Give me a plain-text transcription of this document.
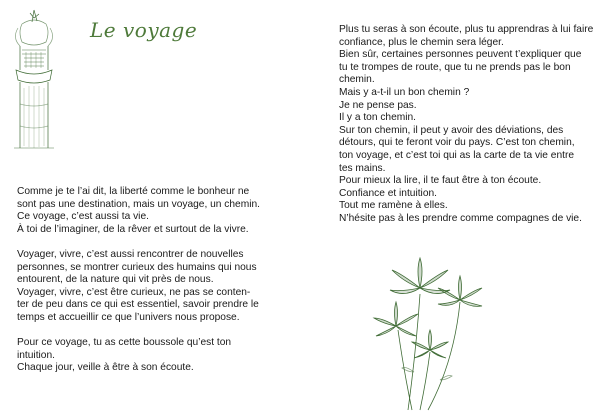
Le voyage

Comme je te l’ai dit, la liberté comme le bonheur ne

sont pas une destination, mais un voyage, un chemin.

Ce voyage, c’est aussi ta vie.

À toi de l’imaginer, de la rêver et surtout de la vivre.

Voyager, vivre, c’est aussi rencontrer de nouvelles

personnes, se montrer curieux des humains qui nous

entourent, de la nature qui vit près de nous.

Voyager, vivre, c’est être curieux, ne pas se conten-

ter de peu dans ce qui est essentiel, savoir prendre le

temps et accueillir ce que l’univers nous propose.

Pour ce voyage, tu as cette boussole qu’est ton

intuition.

Chaque jour, veille à être à son écoute.

Plus tu seras à son écoute, plus tu apprendras à lui faire

confiance, plus le chemin sera léger.

Bien sûr, certaines personnes peuvent t’expliquer que

tu te trompes de route, que tu ne prends pas le bon

chemin.

Mais y a-t-il un bon chemin ?

Je ne pense pas.

Il y a ton chemin.

Sur ton chemin, il peut y avoir des déviations, des

détours, qui te feront voir du pays. C’est ton chemin,

ton voyage, et c’est toi qui as la carte de ta vie entre

tes mains.

Pour mieux la lire, il te faut être à ton écoute.

Confiance et intuition.

Tout me ramène à elles.

N’hésite pas à les prendre comme compagnes de vie.
